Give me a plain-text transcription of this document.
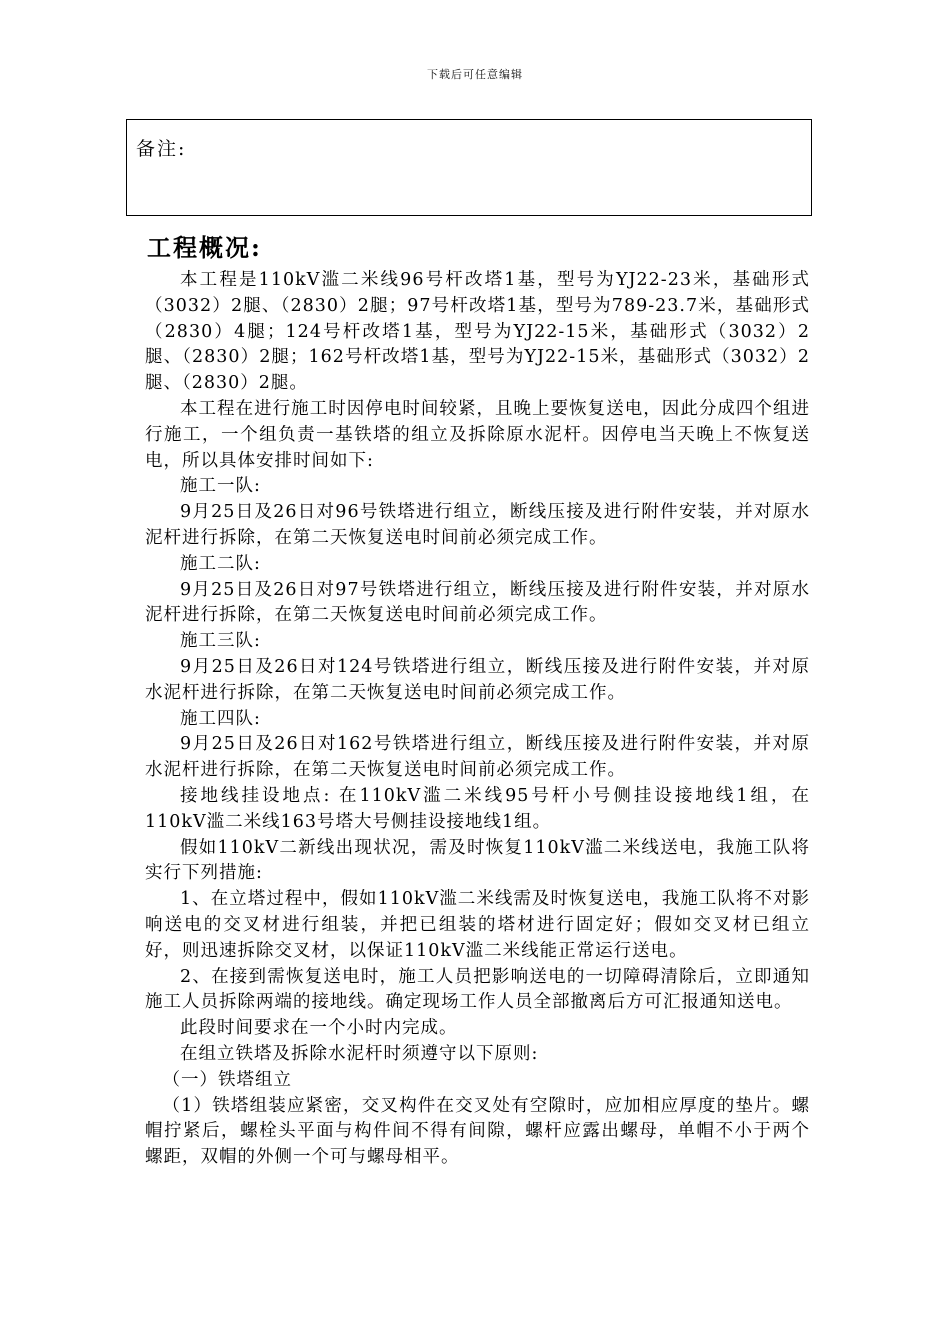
下载后可任意编辑
备注:
工程概况:

本工程是110kV滥二米线96号杆改塔1基，型号为YJ22-23米，基础形式（3032）2腿、（2830）2腿；97号杆改塔1基，型号为789-23.7米，基础形式（2830）4腿；124号杆改塔1基，型号为YJ22-15米，基础形式（3032）2腿、（2830）2腿；162号杆改塔1基，型号为YJ22-15米，基础形式（3032）2腿、（2830）2腿。

本工程在进行施工时因停电时间较紧，且晚上要恢复送电，因此分成四个组进行施工，一个组负责一基铁塔的组立及拆除原水泥杆。因停电当天晚上不恢复送电，所以具体安排时间如下:

施工一队:

9月25日及26日对96号铁塔进行组立，断线压接及进行附件安装，并对原水泥杆进行拆除，在第二天恢复送电时间前必须完成工作。

施工二队:

9月25日及26日对97号铁塔进行组立，断线压接及进行附件安装，并对原水泥杆进行拆除，在第二天恢复送电时间前必须完成工作。

施工三队:

9月25日及26日对124号铁塔进行组立，断线压接及进行附件安装，并对原水泥杆进行拆除，在第二天恢复送电时间前必须完成工作。

施工四队:

9月25日及26日对162号铁塔进行组立，断线压接及进行附件安装，并对原水泥杆进行拆除，在第二天恢复送电时间前必须完成工作。

接地线挂设地点: 在110kV滥二米线95号杆小号侧挂设接地线1组，在110kV滥二米线163号塔大号侧挂设接地线1组。

假如110kV二新线出现状况，需及时恢复110kV滥二米线送电，我施工队将实行下列措施:

1、在立塔过程中，假如110kV滥二米线需及时恢复送电，我施工队将不对影响送电的交叉材进行组装，并把已组装的塔材进行固定好；假如交叉材已组立好，则迅速拆除交叉材，以保证110kV滥二米线能正常运行送电。

2、在接到需恢复送电时，施工人员把影响送电的一切障碍清除后，立即通知施工人员拆除两端的接地线。确定现场工作人员全部撤离后方可汇报通知送电。

此段时间要求在一个小时内完成。

在组立铁塔及拆除水泥杆时须遵守以下原则:

（一）铁塔组立

（1）铁塔组装应紧密，交叉构件在交叉处有空隙时，应加相应厚度的垫片。螺帽拧紧后，螺栓头平面与构件间不得有间隙，螺杆应露出螺母，单帽不小于两个螺距，双帽的外侧一个可与螺母相平。
